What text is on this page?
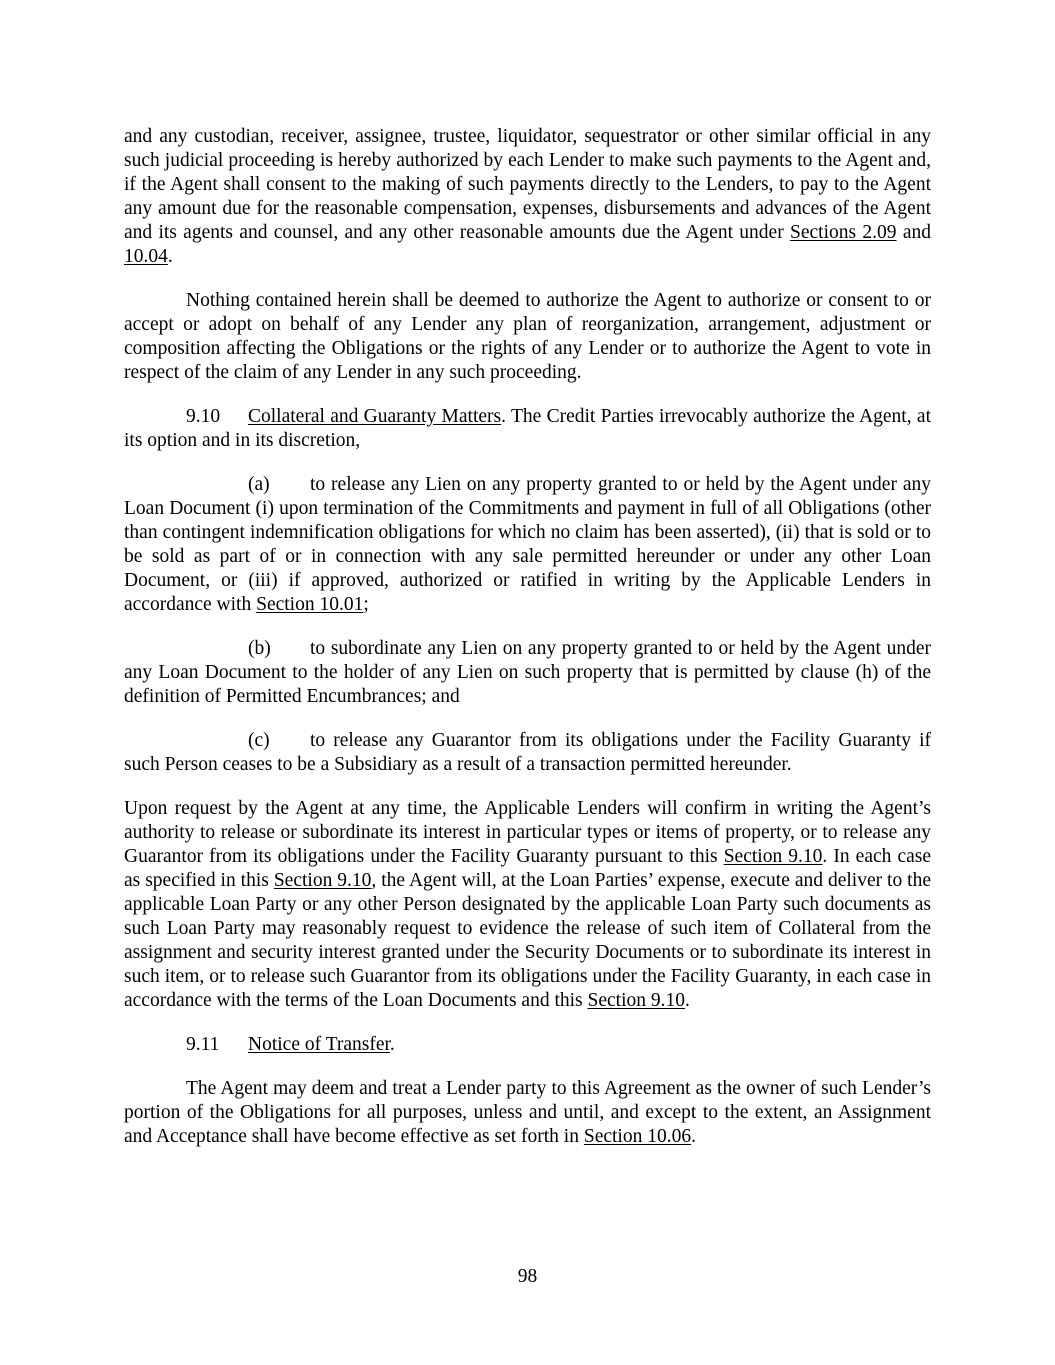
and any custodian, receiver, assignee, trustee, liquidator, sequestrator or other similar official in any such judicial proceeding is hereby authorized by each Lender to make such payments to the Agent and, if the Agent shall consent to the making of such payments directly to the Lenders, to pay to the Agent any amount due for the reasonable compensation, expenses, disbursements and advances of the Agent and its agents and counsel, and any other reasonable amounts due the Agent under Sections 2.09 and 10.04.

Nothing contained herein shall be deemed to authorize the Agent to authorize or consent to or accept or adopt on behalf of any Lender any plan of reorganization, arrangement, adjustment or composition affecting the Obligations or the rights of any Lender or to authorize the Agent to vote in respect of the claim of any Lender in any such proceeding.

9.10 Collateral and Guaranty Matters. The Credit Parties irrevocably authorize the Agent, at its option and in its discretion,

(a) to release any Lien on any property granted to or held by the Agent under any Loan Document (i) upon termination of the Commitments and payment in full of all Obligations (other than contingent indemnification obligations for which no claim has been asserted), (ii) that is sold or to be sold as part of or in connection with any sale permitted hereunder or under any other Loan Document, or (iii) if approved, authorized or ratified in writing by the Applicable Lenders in accordance with Section 10.01;

(b) to subordinate any Lien on any property granted to or held by the Agent under any Loan Document to the holder of any Lien on such property that is permitted by clause (h) of the definition of Permitted Encumbrances; and

(c) to release any Guarantor from its obligations under the Facility Guaranty if such Person ceases to be a Subsidiary as a result of a transaction permitted hereunder.

Upon request by the Agent at any time, the Applicable Lenders will confirm in writing the Agent’s authority to release or subordinate its interest in particular types or items of property, or to release any Guarantor from its obligations under the Facility Guaranty pursuant to this Section 9.10. In each case as specified in this Section 9.10, the Agent will, at the Loan Parties’ expense, execute and deliver to the applicable Loan Party or any other Person designated by the applicable Loan Party such documents as such Loan Party may reasonably request to evidence the release of such item of Collateral from the assignment and security interest granted under the Security Documents or to subordinate its interest in such item, or to release such Guarantor from its obligations under the Facility Guaranty, in each case in accordance with the terms of the Loan Documents and this Section 9.10.

9.11 Notice of Transfer.

The Agent may deem and treat a Lender party to this Agreement as the owner of such Lender’s portion of the Obligations for all purposes, unless and until, and except to the extent, an Assignment and Acceptance shall have become effective as set forth in Section 10.06.

98
